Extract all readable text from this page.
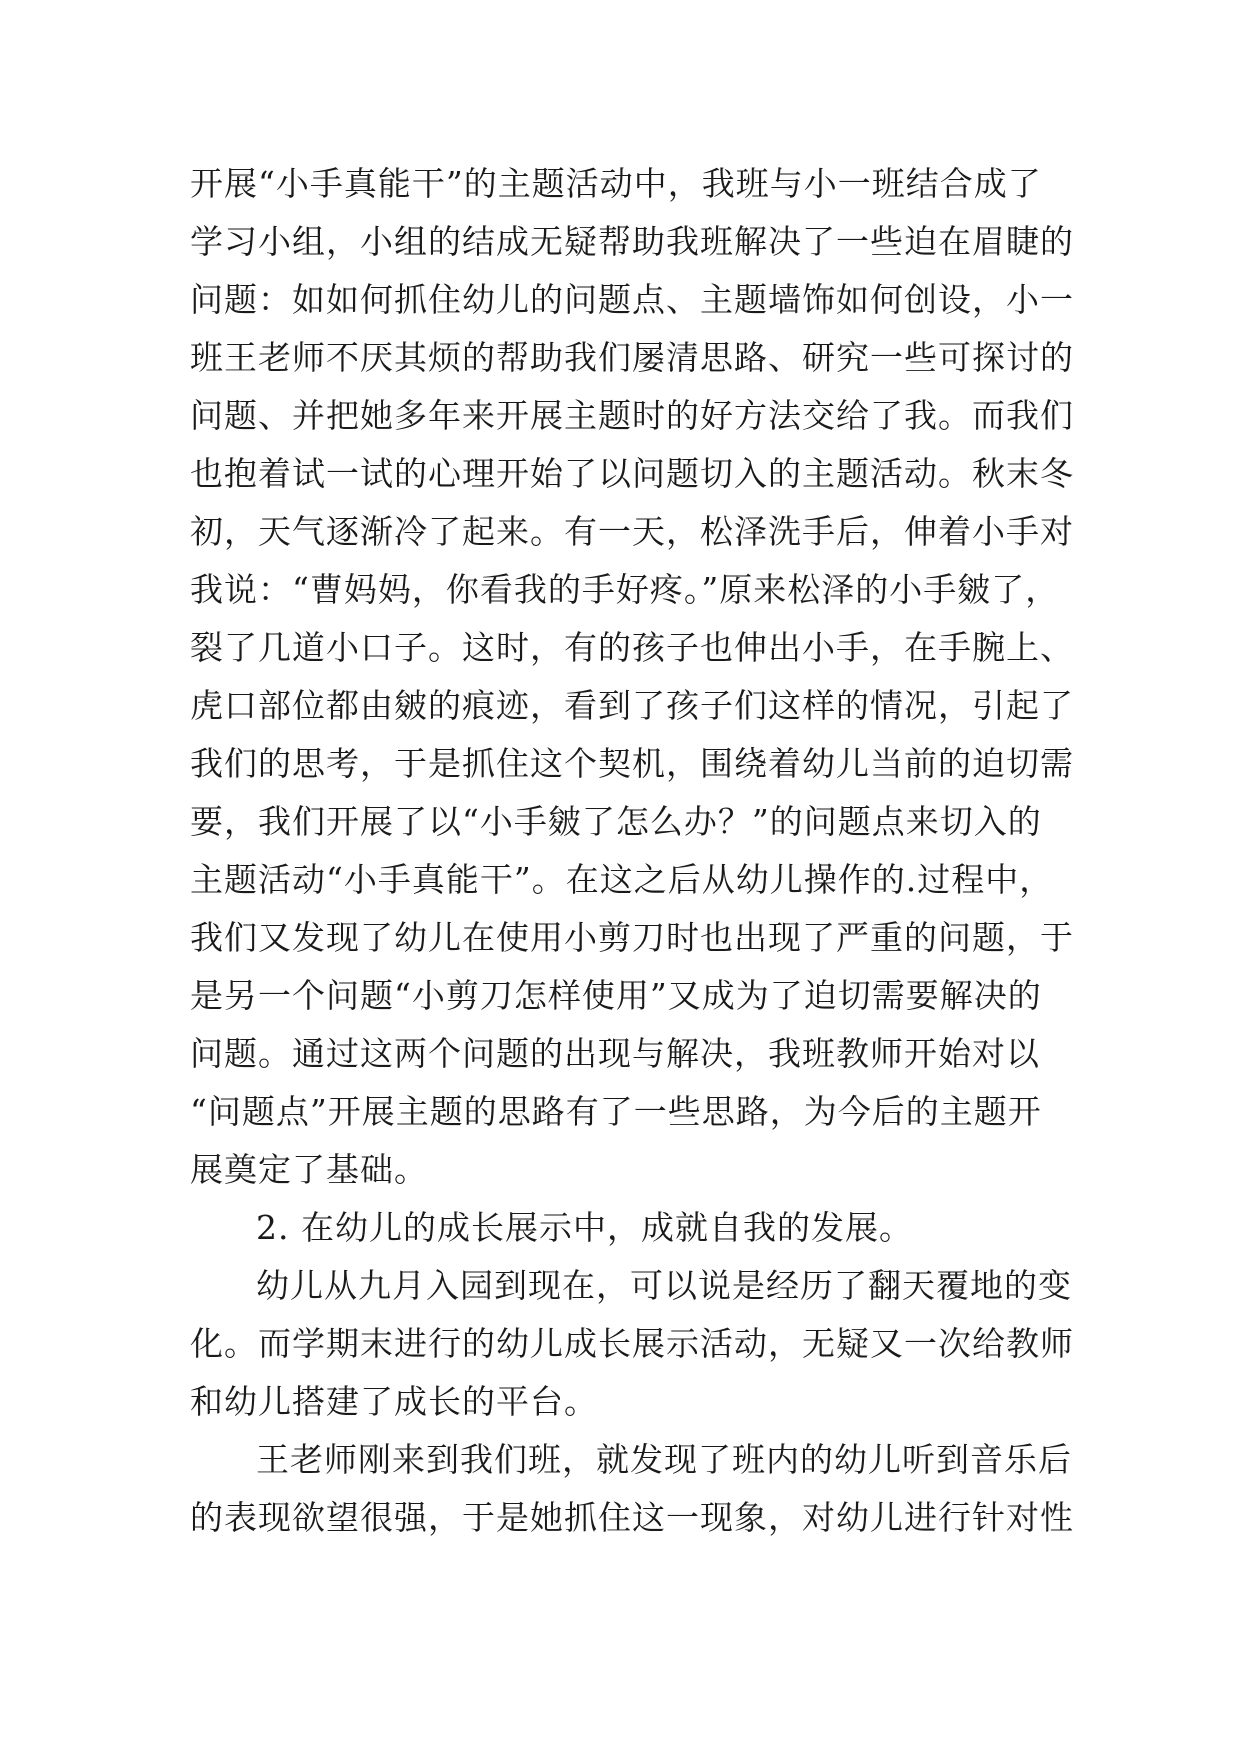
开展“小手真能干”的主题活动中，我班与小一班结合成了
学习小组，小组的结成无疑帮助我班解决了一些迫在眉睫的
问题：如如何抓住幼儿的问题点、主题墙饰如何创设，小一
班王老师不厌其烦的帮助我们屡清思路、研究一些可探讨的
问题、并把她多年来开展主题时的好方法交给了我。而我们
也抱着试一试的心理开始了以问题切入的主题活动。秋末冬
初，天气逐渐冷了起来。有一天，松泽洗手后，伸着小手对
我说：“曹妈妈，你看我的手好疼。”原来松泽的小手皴了，
裂了几道小口子。这时，有的孩子也伸出小手，在手腕上、
虎口部位都由皴的痕迹，看到了孩子们这样的情况，引起了
我们的思考，于是抓住这个契机，围绕着幼儿当前的迫切需
要，我们开展了以“小手皴了怎么办？”的问题点来切入的
主题活动“小手真能干”。在这之后从幼儿操作的.过程中，
我们又发现了幼儿在使用小剪刀时也出现了严重的问题，于
是另一个问题“小剪刀怎样使用”又成为了迫切需要解决的
问题。通过这两个问题的出现与解决，我班教师开始对以
“问题点”开展主题的思路有了一些思路，为今后的主题开
展奠定了基础。
2. 在幼儿的成长展示中，成就自我的发展。
幼儿从九月入园到现在，可以说是经历了翻天覆地的变
化。而学期末进行的幼儿成长展示活动，无疑又一次给教师
和幼儿搭建了成长的平台。
王老师刚来到我们班，就发现了班内的幼儿听到音乐后
的表现欲望很强，于是她抓住这一现象，对幼儿进行针对性
